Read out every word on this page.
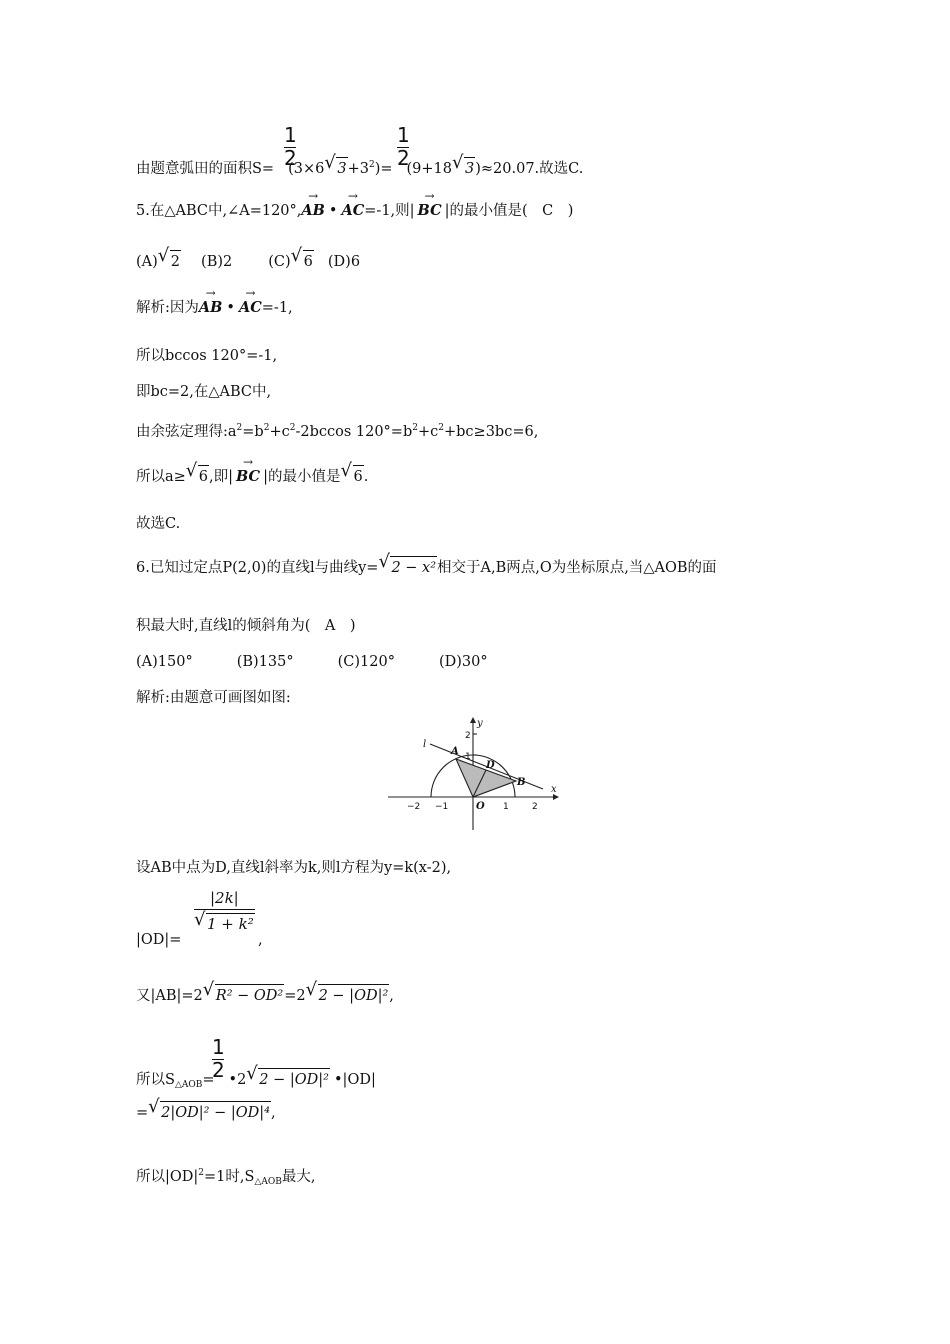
由题意弧田的面积S= (3×6√ $3+3^2)= (9+18√$ 3)≈20.07.故选C.
1
2
1
2
5.在△ABC中,∠A=120°,→ AB •→ AC=-1,则|→ BC |的最小值是(　C　)
(A)√ 2 (B)2 (C)√ 6 (D)6
解析:因为→ AB •→ AC=-1,
所以bccos 120°=-1,
即bc=2,在△ABC中,
由余弦定理得$:a^2=b^2+c^2-2bccos$ $120^\circ=b^2+c^2+bc\ge 3bc=6$,
所以a≥√ 6,即|→ BC |的最小值是√ 6.
故选C.
6.已知过定点P(2,0)的直线l与曲线y=√ 2 − x²相交于A,B两点,O为坐标原点,当△AOB的面
积最大时,直线l的倾斜角为(　A　)
(A)150°	(B)135°	(C)120°	(D)30°
解析:由题意可画图如图:
y
x
l
A
B
D
O
2
1
−2 −1	1	2
设AB中点为D,直线l斜率为k,则l方程为y=k(x-2),
|OD|=
|2k|
√ 1 + k²
,
又|AB|=2√ R² − OD²=2√ 2 − |OD|²,
1
2
所以$S_{\triangle AOB}=$ •2√ 2 − |OD|² •|OD|
=√ 2|OD|² − |OD|⁴,
所以$|OD|^2=1$时$,S_{\triangle AOB}$最大,
